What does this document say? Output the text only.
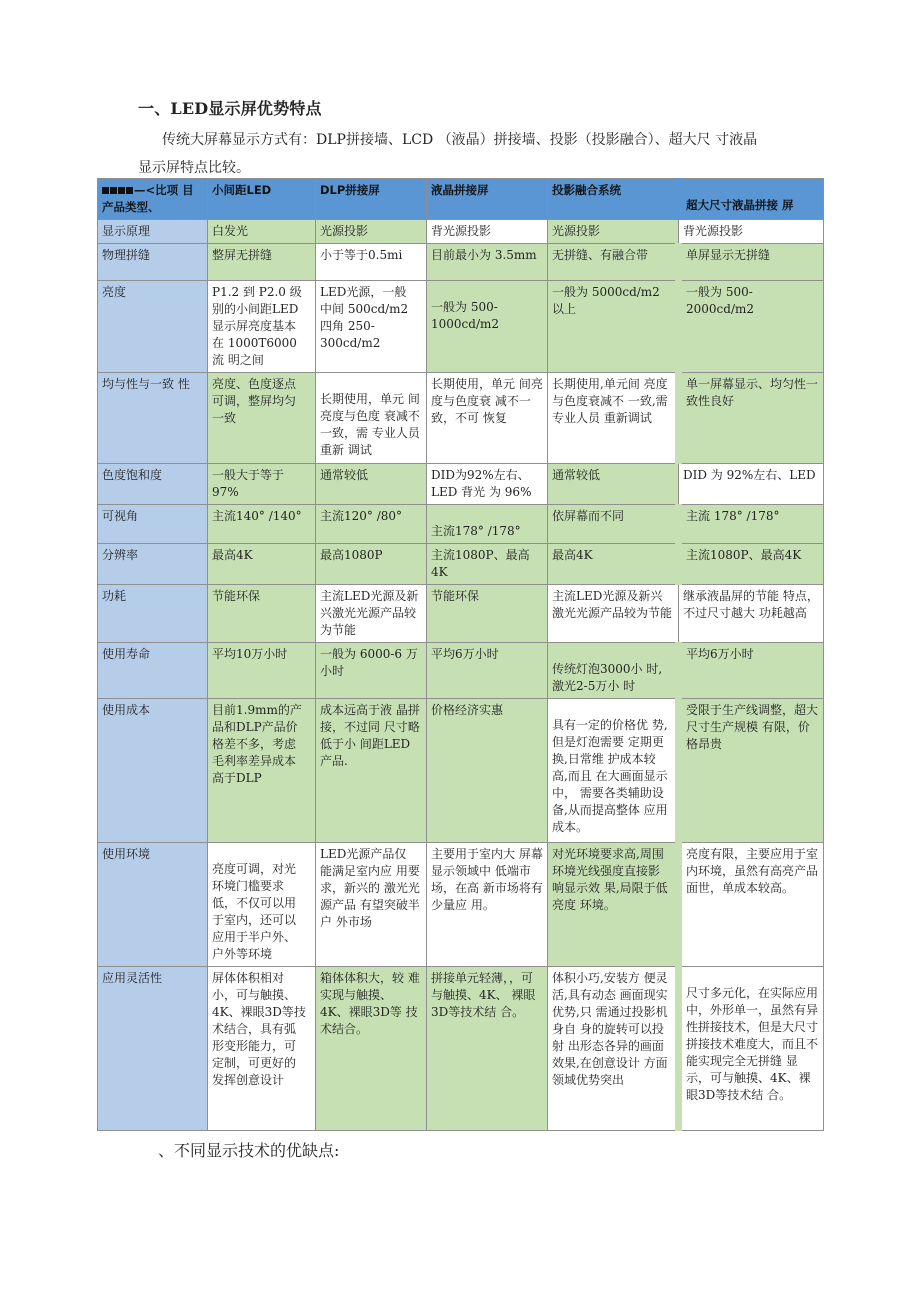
一、LED显示屏优势特点
传统大屏幕显示方式有：DLP拼接墙、LCD （液晶）拼接墙、投影（投影融合）、超大尺 寸液晶
显示屏特点比较。
—<比项 目 产品类型、	小间距LED	DLP拼接屏	液晶拼接屏	投影融合系统	超大尺寸液晶拼接 屏

显示原理	白发光	光源投影	背光源投影	光源投影	背光源投影

物理拼缝	整屏无拼缝	小于等于0.5mi	目前最小为 3.5mm	无拼缝、有融合带	单屏显示无拼缝

亮度	P1.2 到 P2.0 级 别的小间距LED 显示屏亮度基本 在 1000T6000 流 明之间	LED光源，一般 中间 500cd/m2 四角 250-300cd/m2	一般为 500-1000cd/m2	一般为 5000cd/m2 以上	一般为 500-2000cd/m2

均与性与一致 性	亮度、色度逐点 可调，整屏均匀 一致	长期使用，单元 间亮度与色度 衰减不一致，需 专业人员重新 调试	长期使用，单元 间亮度与色度衰 减不一致，不可 恢复	长期使用,单元间 亮度与色度衰减不 一致,需专业人员 重新调试	单一屏幕显示、均匀性一致性良好

色度饱和度	一般大于等于 97%	通常较低	DID为92%左右、LED 背光 为 96%	通常较低	DID 为 92%左右、LED

可视角	主流140° /140°	主流120° /80°	主流178° /178°	依屏幕而不同	主流 178° /178°

分辨率	最高4K	最高1080P	主流1080P、最高4K	最高4K	主流1080P、最高4K

功耗	节能环保	主流LED光源及新兴激光光源产品较为节能	节能环保	主流LED光源及新兴激光光源产品较为节能	继承液晶屏的节能 特点，不过尺寸越大 功耗越高

使用寿命	平均10万小时	一般为 6000-6 万小时	平均6万小时	传统灯泡3000小 时,激光2-5万小 时	平均6万小时

使用成本	目前1.9mm的产 品和DLP产品价 格差不多，考虑 毛利率差异成本 高于DLP	成本远高于液 晶拼接，不过同 尺寸略低于小 间距LED产品.	价格经济实惠	具有一定的价格优 势,但是灯泡需要 定期更换,日常维 护成本较高,而且 在大画面显示中， 需要各类辅助设 备,从而提高整体 应用成本。	受限于生产线调整，超大尺寸生产规模 有限，价格昂贵

使用环境	亮度可调，对光 环境门槛要求 低，不仅可以用 于室内，还可以 应用于半户外、 户外等环境	LED光源产品仅 能满足室内应 用要求，新兴的 激光光源产品 有望突破半户 外市场	主要用于室内大 屏幕显示领域中 低端市场，在高 新市场将有少量应 用。	对光环境要求高,周围环境光线强度直接影响显示效 果,局限于低亮度 环境。	亮度有限，主要应用于室内环境，虽然有高亮产品面世，单成本较高。

应用灵活性	屏体体积相对 小，可与触摸、 4K、裸眼3D等技 术结合，具有弧 形变形能力，可 定制，可更好的 发挥创意设计	箱体体积大，较 难实现与触摸、 4K、裸眼3D等 技术结合。	拼接单元轻薄，，可与触摸、4K、 裸眼3D等技术结 合。	体积小巧,安装方 便灵活,具有动态 画面现实优势,只 需通过投影机身自 身的旋转可以投射 出形态各异的画面 效果,在创意设计 方面领域优势突出	尺寸多元化，在实际应用中，外形单一，虽然有异性拼接技术，但是大尺寸拼接技术难度大，而且不能实现完全无拼缝 显示，可与触摸、4K、裸眼3D等技术结 合。
、不同显示技术的优缺点:
